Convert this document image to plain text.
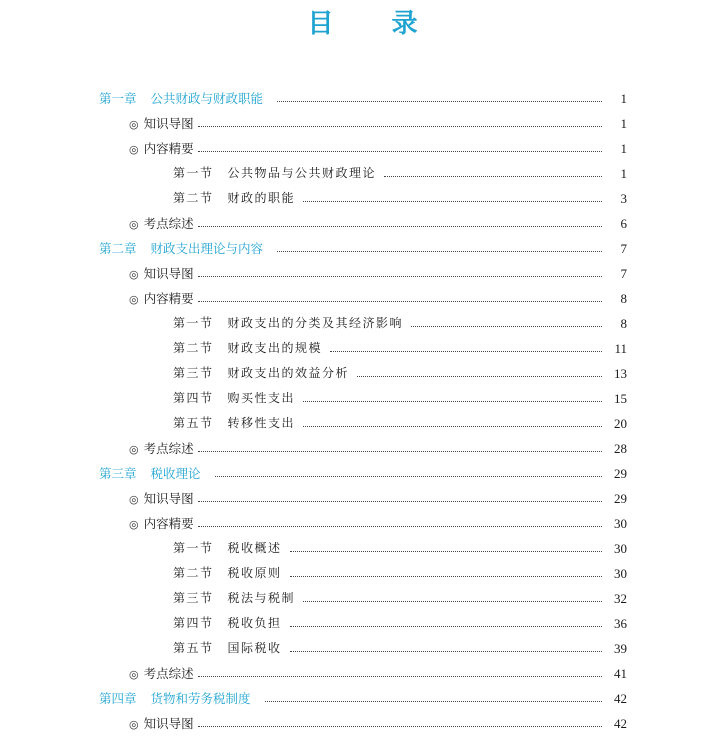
目 录
第一章 公共财政与财政职能	1
◎ 知识导图	1
◎ 内容精要	1
第一节 公共物品与公共财政理论	1
第二节 财政的职能	3
◎ 考点综述	6
第二章 财政支出理论与内容	7
◎ 知识导图	7
◎ 内容精要	8
第一节 财政支出的分类及其经济影响	8
第二节 财政支出的规模	11
第三节 财政支出的效益分析	13
第四节 购买性支出	15
第五节 转移性支出	20
◎ 考点综述	28
第三章 税收理论	29
◎ 知识导图	29
◎ 内容精要	30
第一节 税收概述	30
第二节 税收原则	30
第三节 税法与税制	32
第四节 税收负担	36
第五节 国际税收	39
◎ 考点综述	41
第四章 货物和劳务税制度	42
◎ 知识导图	42
